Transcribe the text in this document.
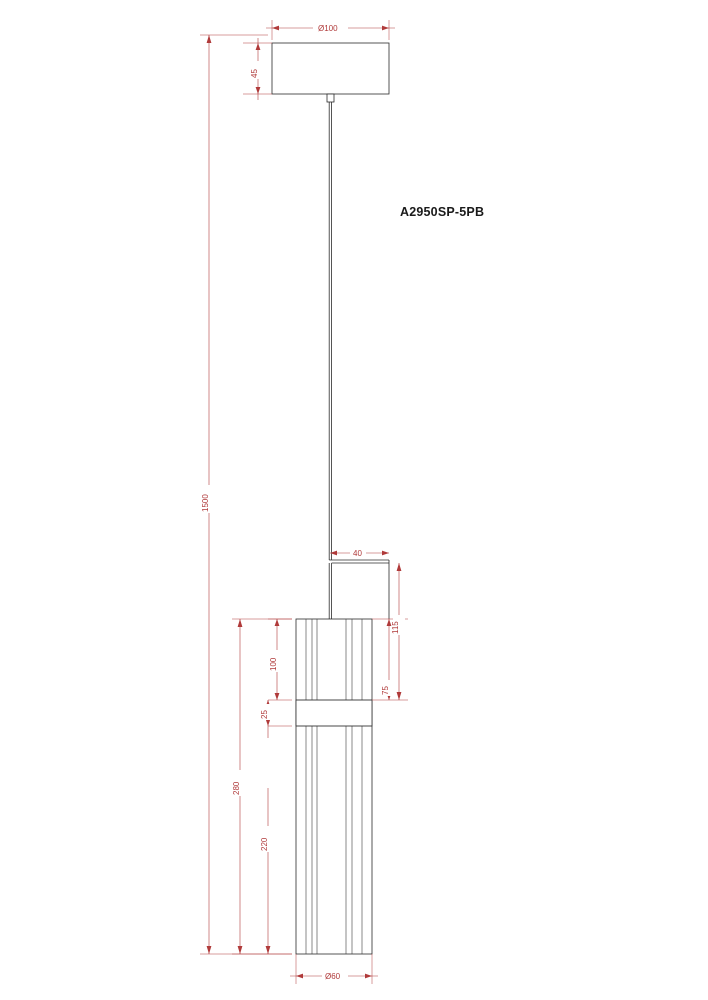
Ø100
45
1500
40
115
75
100
25
220
280
Ø60
A2950SP-5PB
